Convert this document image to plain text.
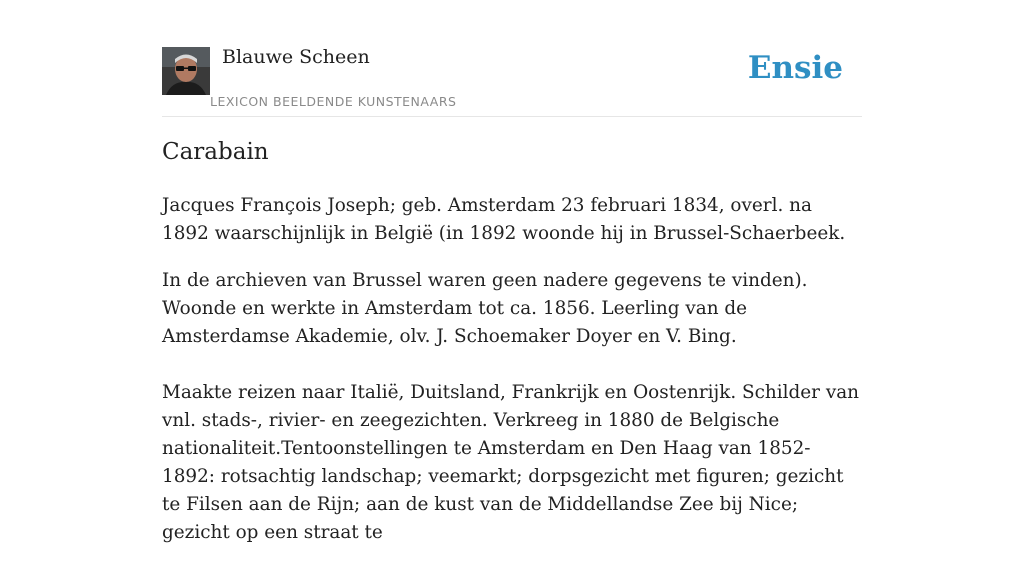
Blauwe Scheen
LEXICON BEELDENDE KUNSTENAARS
Ensie
Carabain

Jacques François Joseph; geb. Amsterdam 23 februari 1834, overl. na 1892 waarschijnlijk in België (in 1892 woonde hij in Brussel-Schaerbeek.

In de archieven van Brussel waren geen nadere gegevens te vinden). Woonde en werkte in Amsterdam tot ca. 1856. Leerling van de Amsterdamse Akademie, olv. J. Schoemaker Doyer en V. Bing.

Maakte reizen naar Italië, Duitsland, Frankrijk en Oostenrijk. Schilder van vnl. stads-, rivier- en zeegezichten. Verkreeg in 1880 de Belgische nationaliteit.Tentoonstellingen te Amsterdam en Den Haag van 1852-1892: rotsachtig landschap; veemarkt; dorpsgezicht met figuren; gezicht te Filsen aan de Rijn; aan de kust van de Middellandse Zee bij Nice; gezicht op een straat te
